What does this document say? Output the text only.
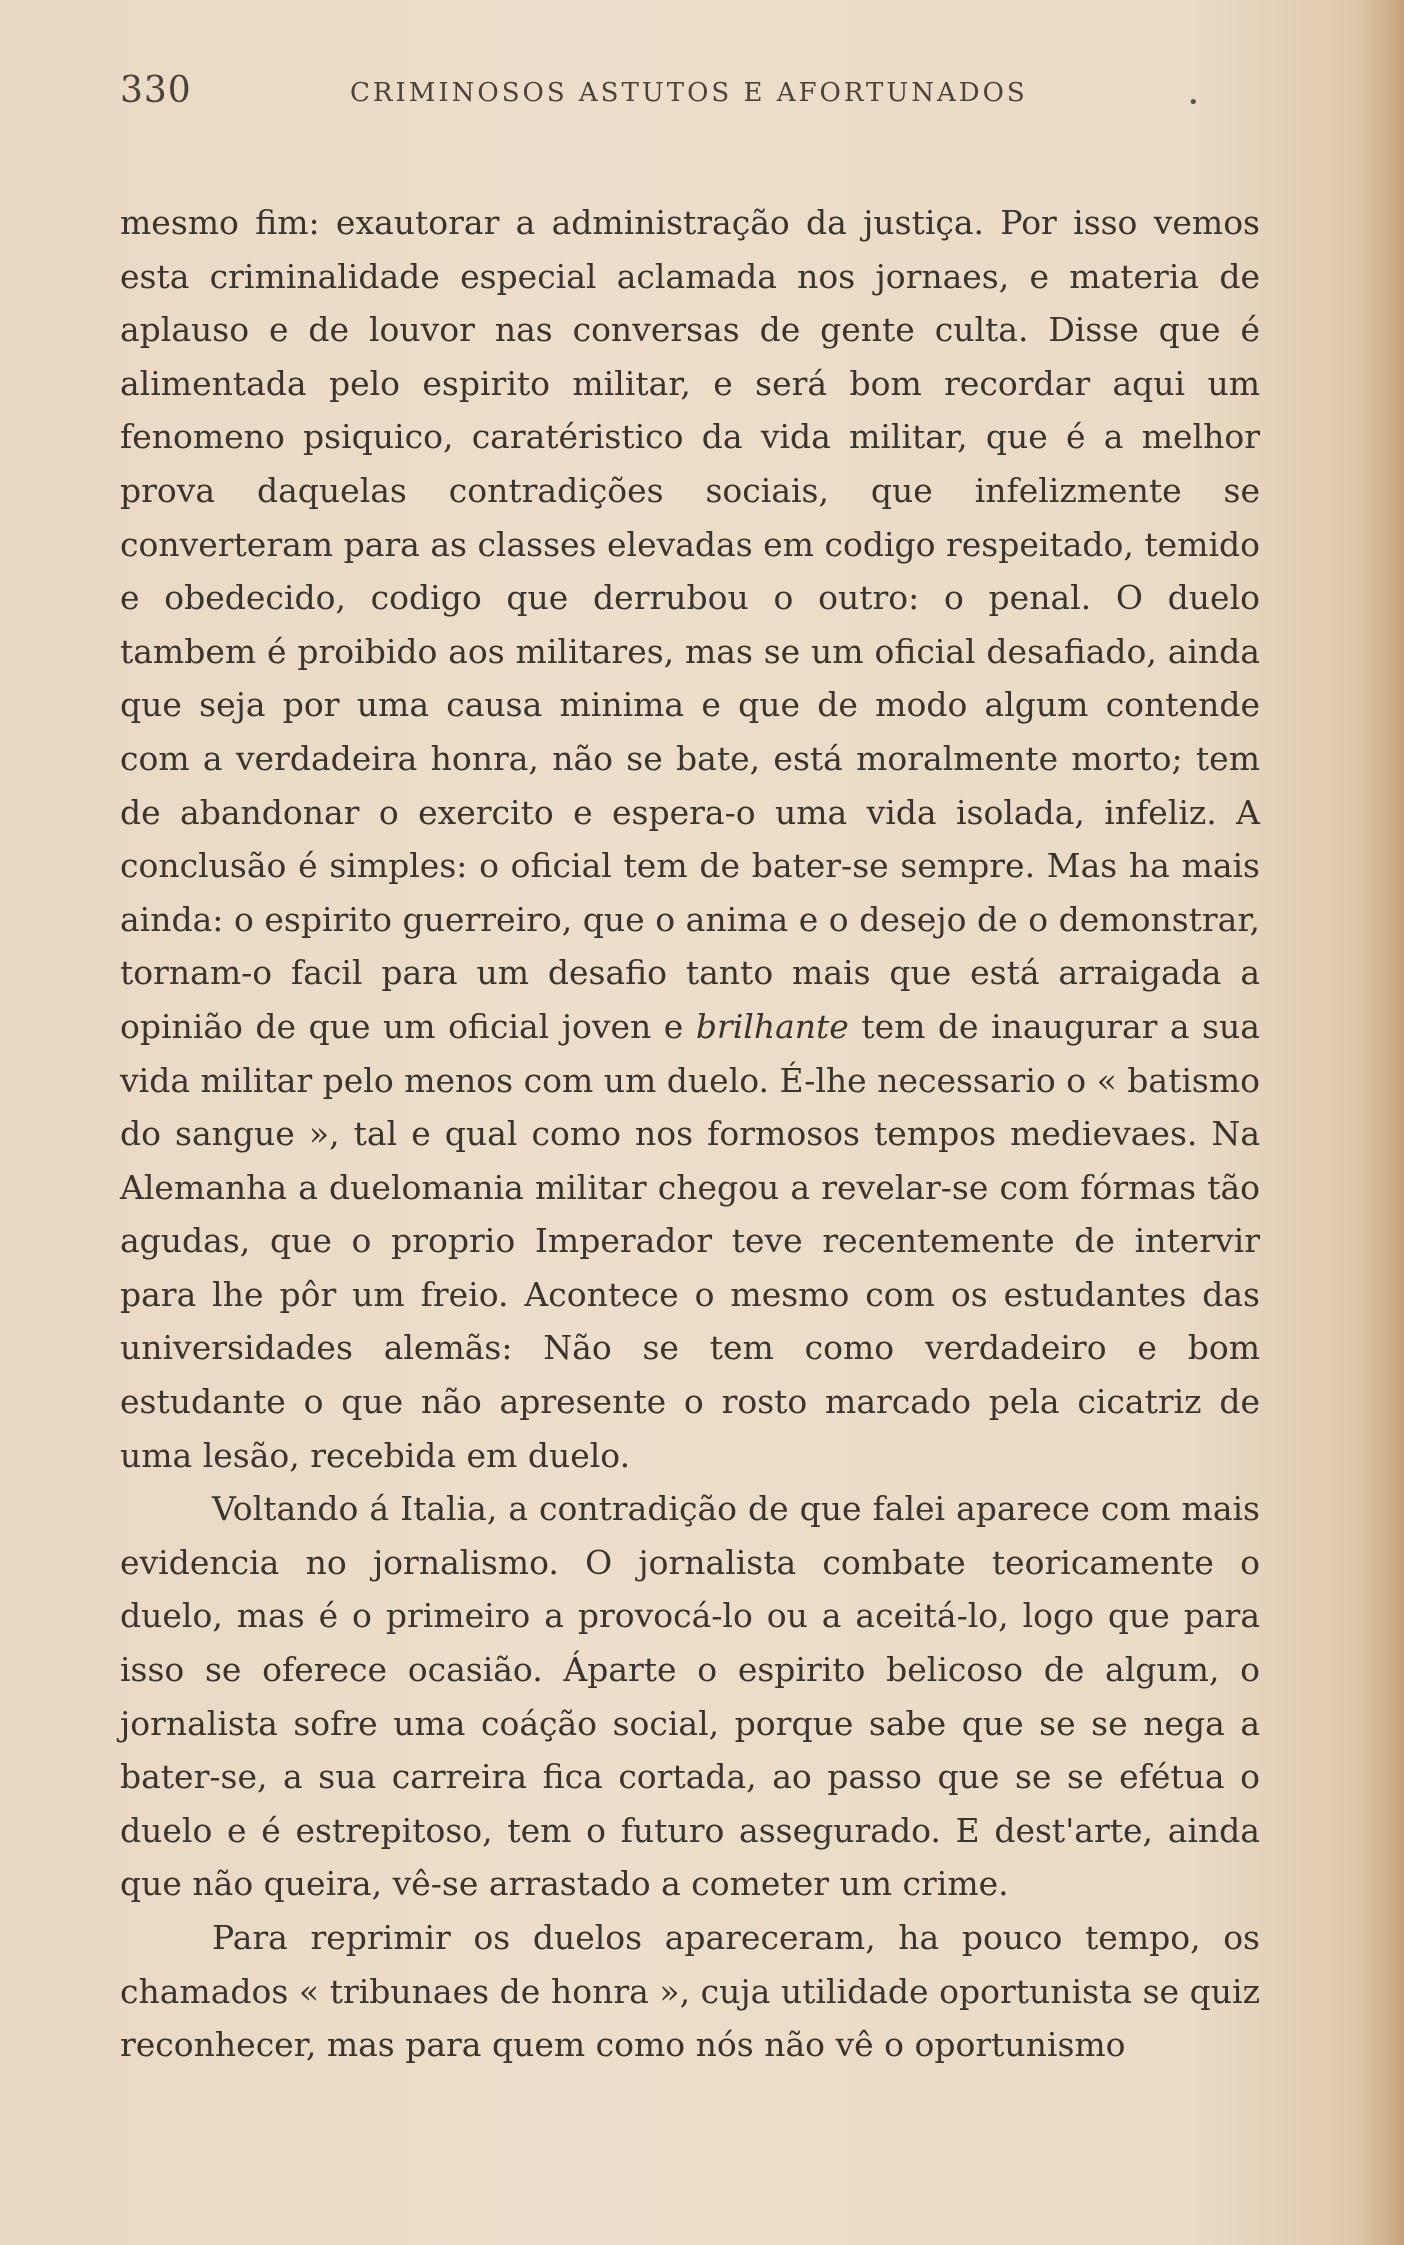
330	CRIMINOSOS ASTUTOS E AFORTUNADOS	•

mesmo fim: exautorar a administração da justiça. Por isso vemos esta criminalidade especial aclamada nos jornaes, e materia de aplauso e de louvor nas conversas de gente culta. Disse que é alimentada pelo espirito militar, e será bom recordar aqui um fenomeno psiquico, caratéristico da vida militar, que é a melhor prova daquelas contradições sociais, que infelizmente se converteram para as classes elevadas em codigo respeitado, temido e obedecido, codigo que derrubou o outro: o penal. O duelo tambem é proibido aos militares, mas se um oficial desafiado, ainda que seja por uma causa minima e que de modo algum contende com a verdadeira honra, não se bate, está moralmente morto; tem de abandonar o exercito e espera-o uma vida isolada, infeliz. A conclusão é simples: o oficial tem de bater-se sempre. Mas ha mais ainda: o espirito guerreiro, que o anima e o desejo de o demonstrar, tornam-o facil para um desafio tanto mais que está arraigada a opinião de que um oficial joven e brilhante tem de inaugurar a sua vida militar pelo menos com um duelo. É-lhe necessario o « batismo do sangue », tal e qual como nos formosos tempos medievaes. Na Alemanha a duelomania militar chegou a revelar-se com fórmas tão agudas, que o proprio Imperador teve recentemente de intervir para lhe pôr um freio. Acontece o mesmo com os estudantes das universidades alemãs: Não se tem como verdadeiro e bom estudante o que não apresente o rosto marcado pela cicatriz de uma lesão, recebida em duelo.

Voltando á Italia, a contradição de que falei aparece com mais evidencia no jornalismo. O jornalista combate teoricamente o duelo, mas é o primeiro a provocá-lo ou a aceitá-lo, logo que para isso se oferece ocasião. Áparte o espirito belicoso de algum, o jornalista sofre uma coáção social, porque sabe que se se nega a bater-se, a sua carreira fica cortada, ao passo que se se efétua o duelo e é estrepitoso, tem o futuro assegurado. E dest'arte, ainda que não queira, vê-se arrastado a cometer um crime.

Para reprimir os duelos apareceram, ha pouco tempo, os chamados « tribunaes de honra », cuja utilidade oportunista se quiz reconhecer, mas para quem como nós não vê o oportunismo
